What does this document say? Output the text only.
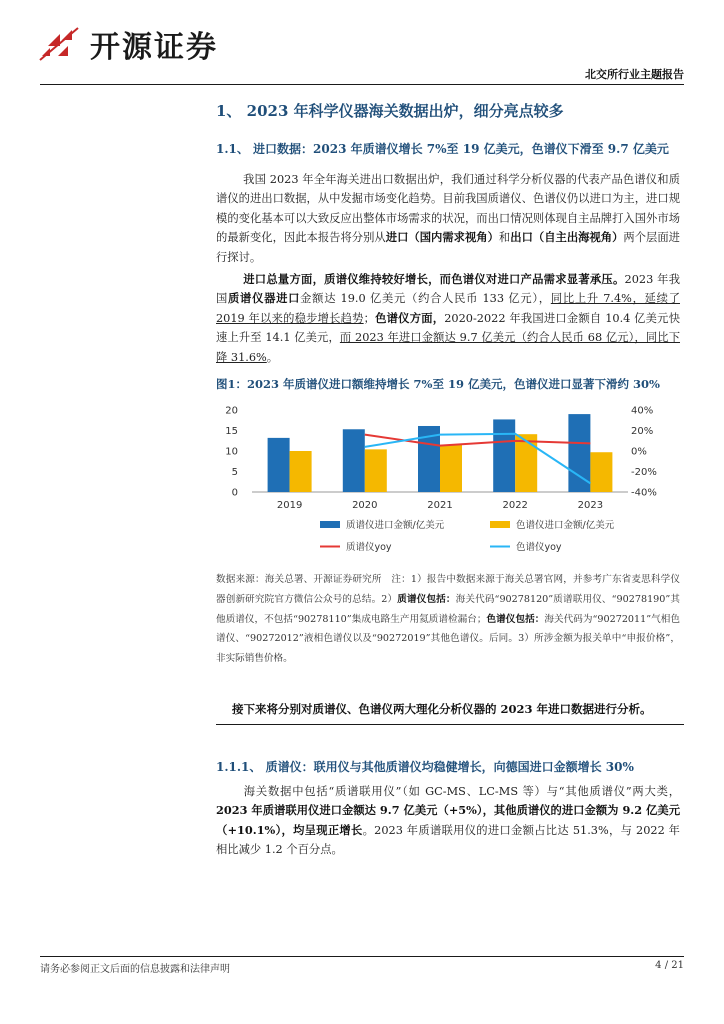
开源证券
北交所行业主题报告
1、 2023 年科学仪器海关数据出炉，细分亮点较多
1.1、 进口数据：2023 年质谱仪增长 7%至 19 亿美元，色谱仪下滑至 9.7 亿美元
我国 2023 年全年海关进出口数据出炉，我们通过科学分析仪器的代表产品色谱仪和质谱仪的进出口数据，从中发掘市场变化趋势。目前我国质谱仪、色谱仪仍以进口为主，进口规模的变化基本可以大致反应出整体市场需求的状况，而出口情况则体现自主品牌打入国外市场的最新变化，因此本报告将分别从进口（国内需求视角）和出口（自主出海视角）两个层面进行探讨。
进口总量方面，质谱仪维持较好增长，而色谱仪对进口产品需求显著承压。2023 年我国质谱仪器进口金额达 19.0 亿美元（约合人民币 133 亿元），同比上升 7.4%，延续了 2019 年以来的稳步增长趋势；色谱仪方面，2020-2022 年我国进口金额自 10.4 亿美元快速上升至 14.1 亿美元，而 2023 年进口金额达 9.7 亿美元（约合人民币 68 亿元），同比下降 31.6%。
图1：2023 年质谱仪进口额维持增长 7%至 19 亿美元，色谱仪进口显著下滑约 30%
0
5
10
15
20
-40%
-20%
0%
20%
40%
2019	2020	2021	2022	2023
质谱仪进口金额/亿美元	色谱仪进口金额/亿美元
质谱仪yoy	色谱仪yoy
数据来源：海关总署、开源证券研究所　注：1）报告中数据来源于海关总署官网，并参考广东省麦思科学仪器创新研究院官方微信公众号的总结。2）质谱仪包括：海关代码“90278120”质谱联用仪、“90278190”其他质谱仪，不包括“90278110”集成电路生产用氦质谱检漏台；色谱仪包括：海关代码为“90272011”气相色谱仪、“90272012”液相色谱仪以及“90272019”其他色谱仪。后同。3）所涉金额为报关单中“申报价格”，非实际销售价格。
接下来将分别对质谱仪、色谱仪两大理化分析仪器的 2023 年进口数据进行分析。
1.1.1、 质谱仪：联用仪与其他质谱仪均稳健增长，向德国进口金额增长 30%
海关数据中包括“质谱联用仪”（如 GC-MS、LC-MS 等）与“其他质谱仪”两大类，2023 年质谱联用仪进口金额达 9.7 亿美元（+5%），其他质谱仪的进口金额为 9.2 亿美元（+10.1%），均呈现正增长。2023 年质谱联用仪的进口金额占比达 51.3%，与 2022 年相比减少 1.2 个百分点。
请务必参阅正文后面的信息披露和法律声明	4 / 21
